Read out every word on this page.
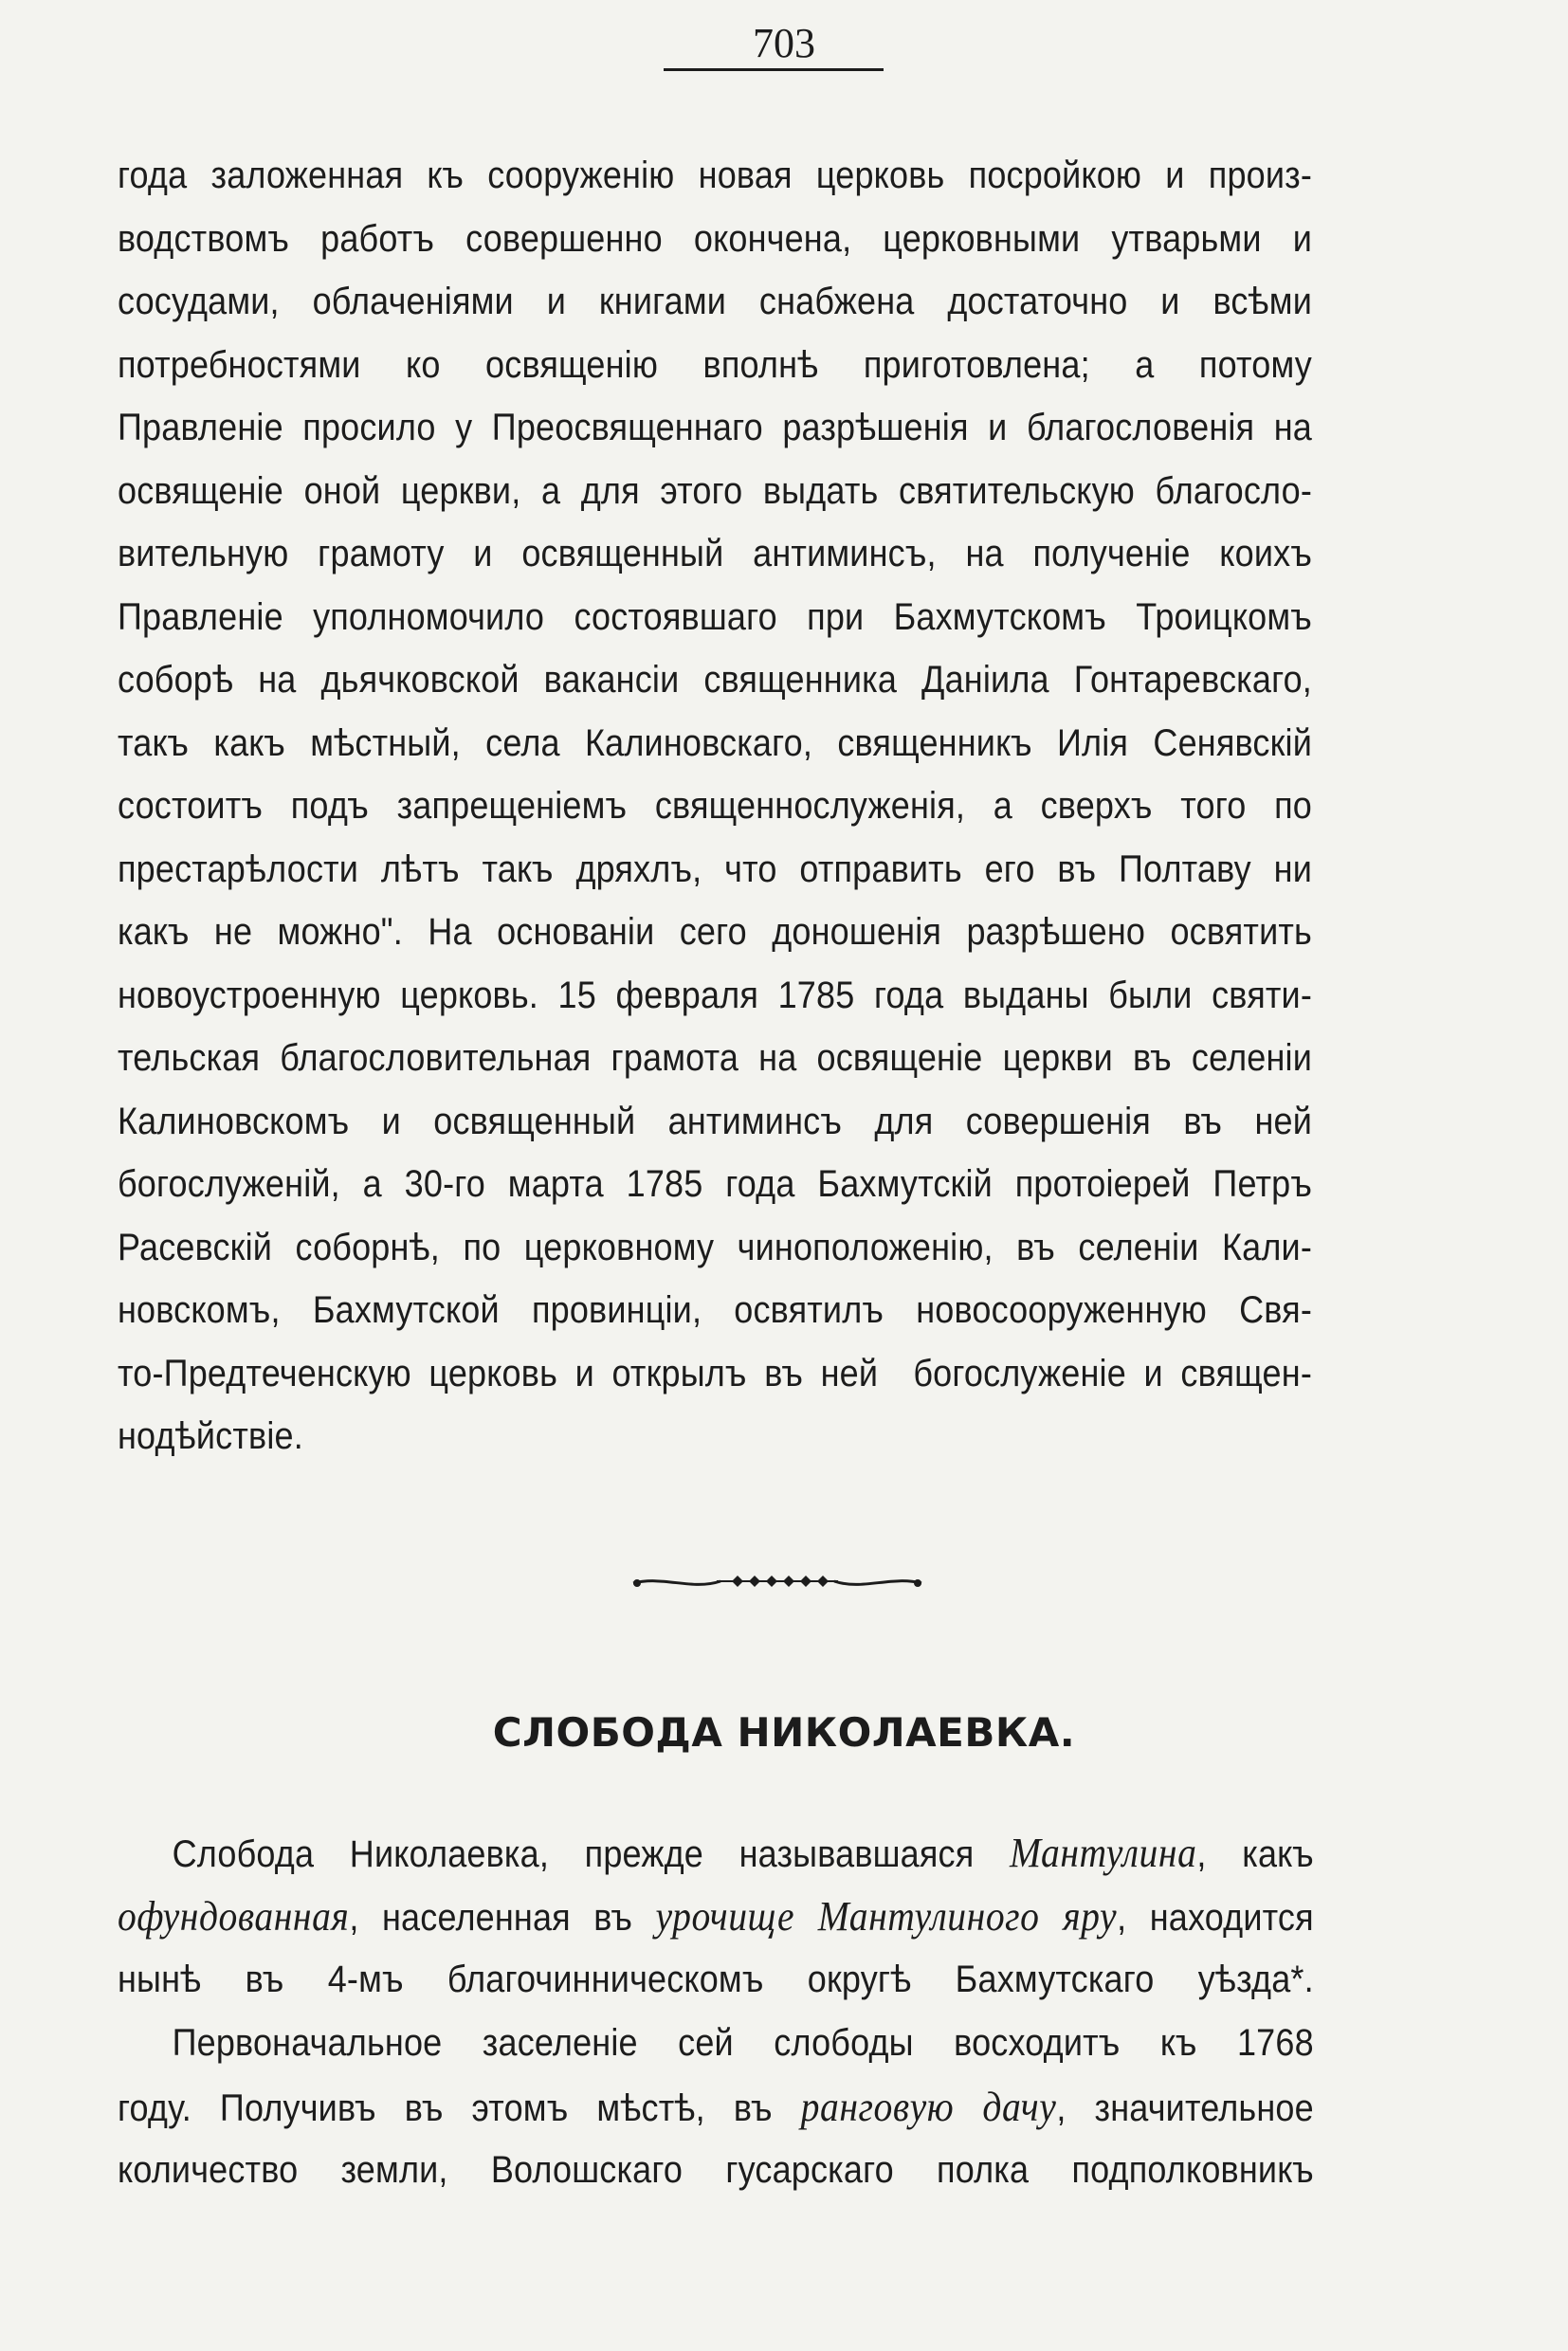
703
года заложенная къ сооруженію новая церковь посройкою и произ-
водствомъ работъ совершенно окончена, церковными утварьми и
сосудами, облаченіями и книгами снабжена достаточно и всѣми
потребностями ко освященію вполнѣ приготовлена; а потому
Правленіе просило у Преосвященнаго разрѣшенія и благословенія на
освященіе оной церкви, а для этого выдать святительскую благосло-
вительную грамоту и освященный антиминсъ, на полученіе коихъ
Правленіе уполномочило состоявшаго при Бахмутскомъ Троицкомъ
соборѣ на дьячковской вакансіи священника Даніила Гонтаревскаго,
такъ какъ мѣстный, села Калиновскаго, священникъ Илія Сенявскій
состоитъ подъ запрещеніемъ священнослуженія, а сверхъ того по
престарѣлости лѣтъ такъ дряхлъ, что отправить его въ Полтаву ни
какъ не можно". На основаніи сего доношенія разрѣшено освятить
новоустроенную церковь. 15 февраля 1785 года выданы были святи-
тельская благословительная грамота на освященіе церкви въ селеніи
Калиновскомъ и освященный антиминсъ для совершенія въ ней
богослуженій, а 30-го марта 1785 года Бахмутскій протоіерей Петръ
Расевскій соборнѣ, по церковному чиноположенію, въ селеніи Кали-
новскомъ, Бахмутской провинціи, освятилъ новосооруженную Свя-
то-Предтеченскую церковь и открылъ въ ней  богослуженіе и священ-
нодѣйствіе.
СЛОБОДА НИКОЛАЕВКА.
Слобода Николаевка, прежде называвшаяся Мантулина, какъ
офундованная, населенная въ урочище Мантулиного яру, находится
нынѣ въ 4-мъ благочинническомъ округѣ Бахмутскаго уѣзда*.
Первоначальное заселеніе сей слободы восходитъ къ 1768
году. Получивъ въ этомъ мѣстѣ, въ ранговую дачу, значительное
количество земли, Волошскаго гусарскаго полка подполковникъ
